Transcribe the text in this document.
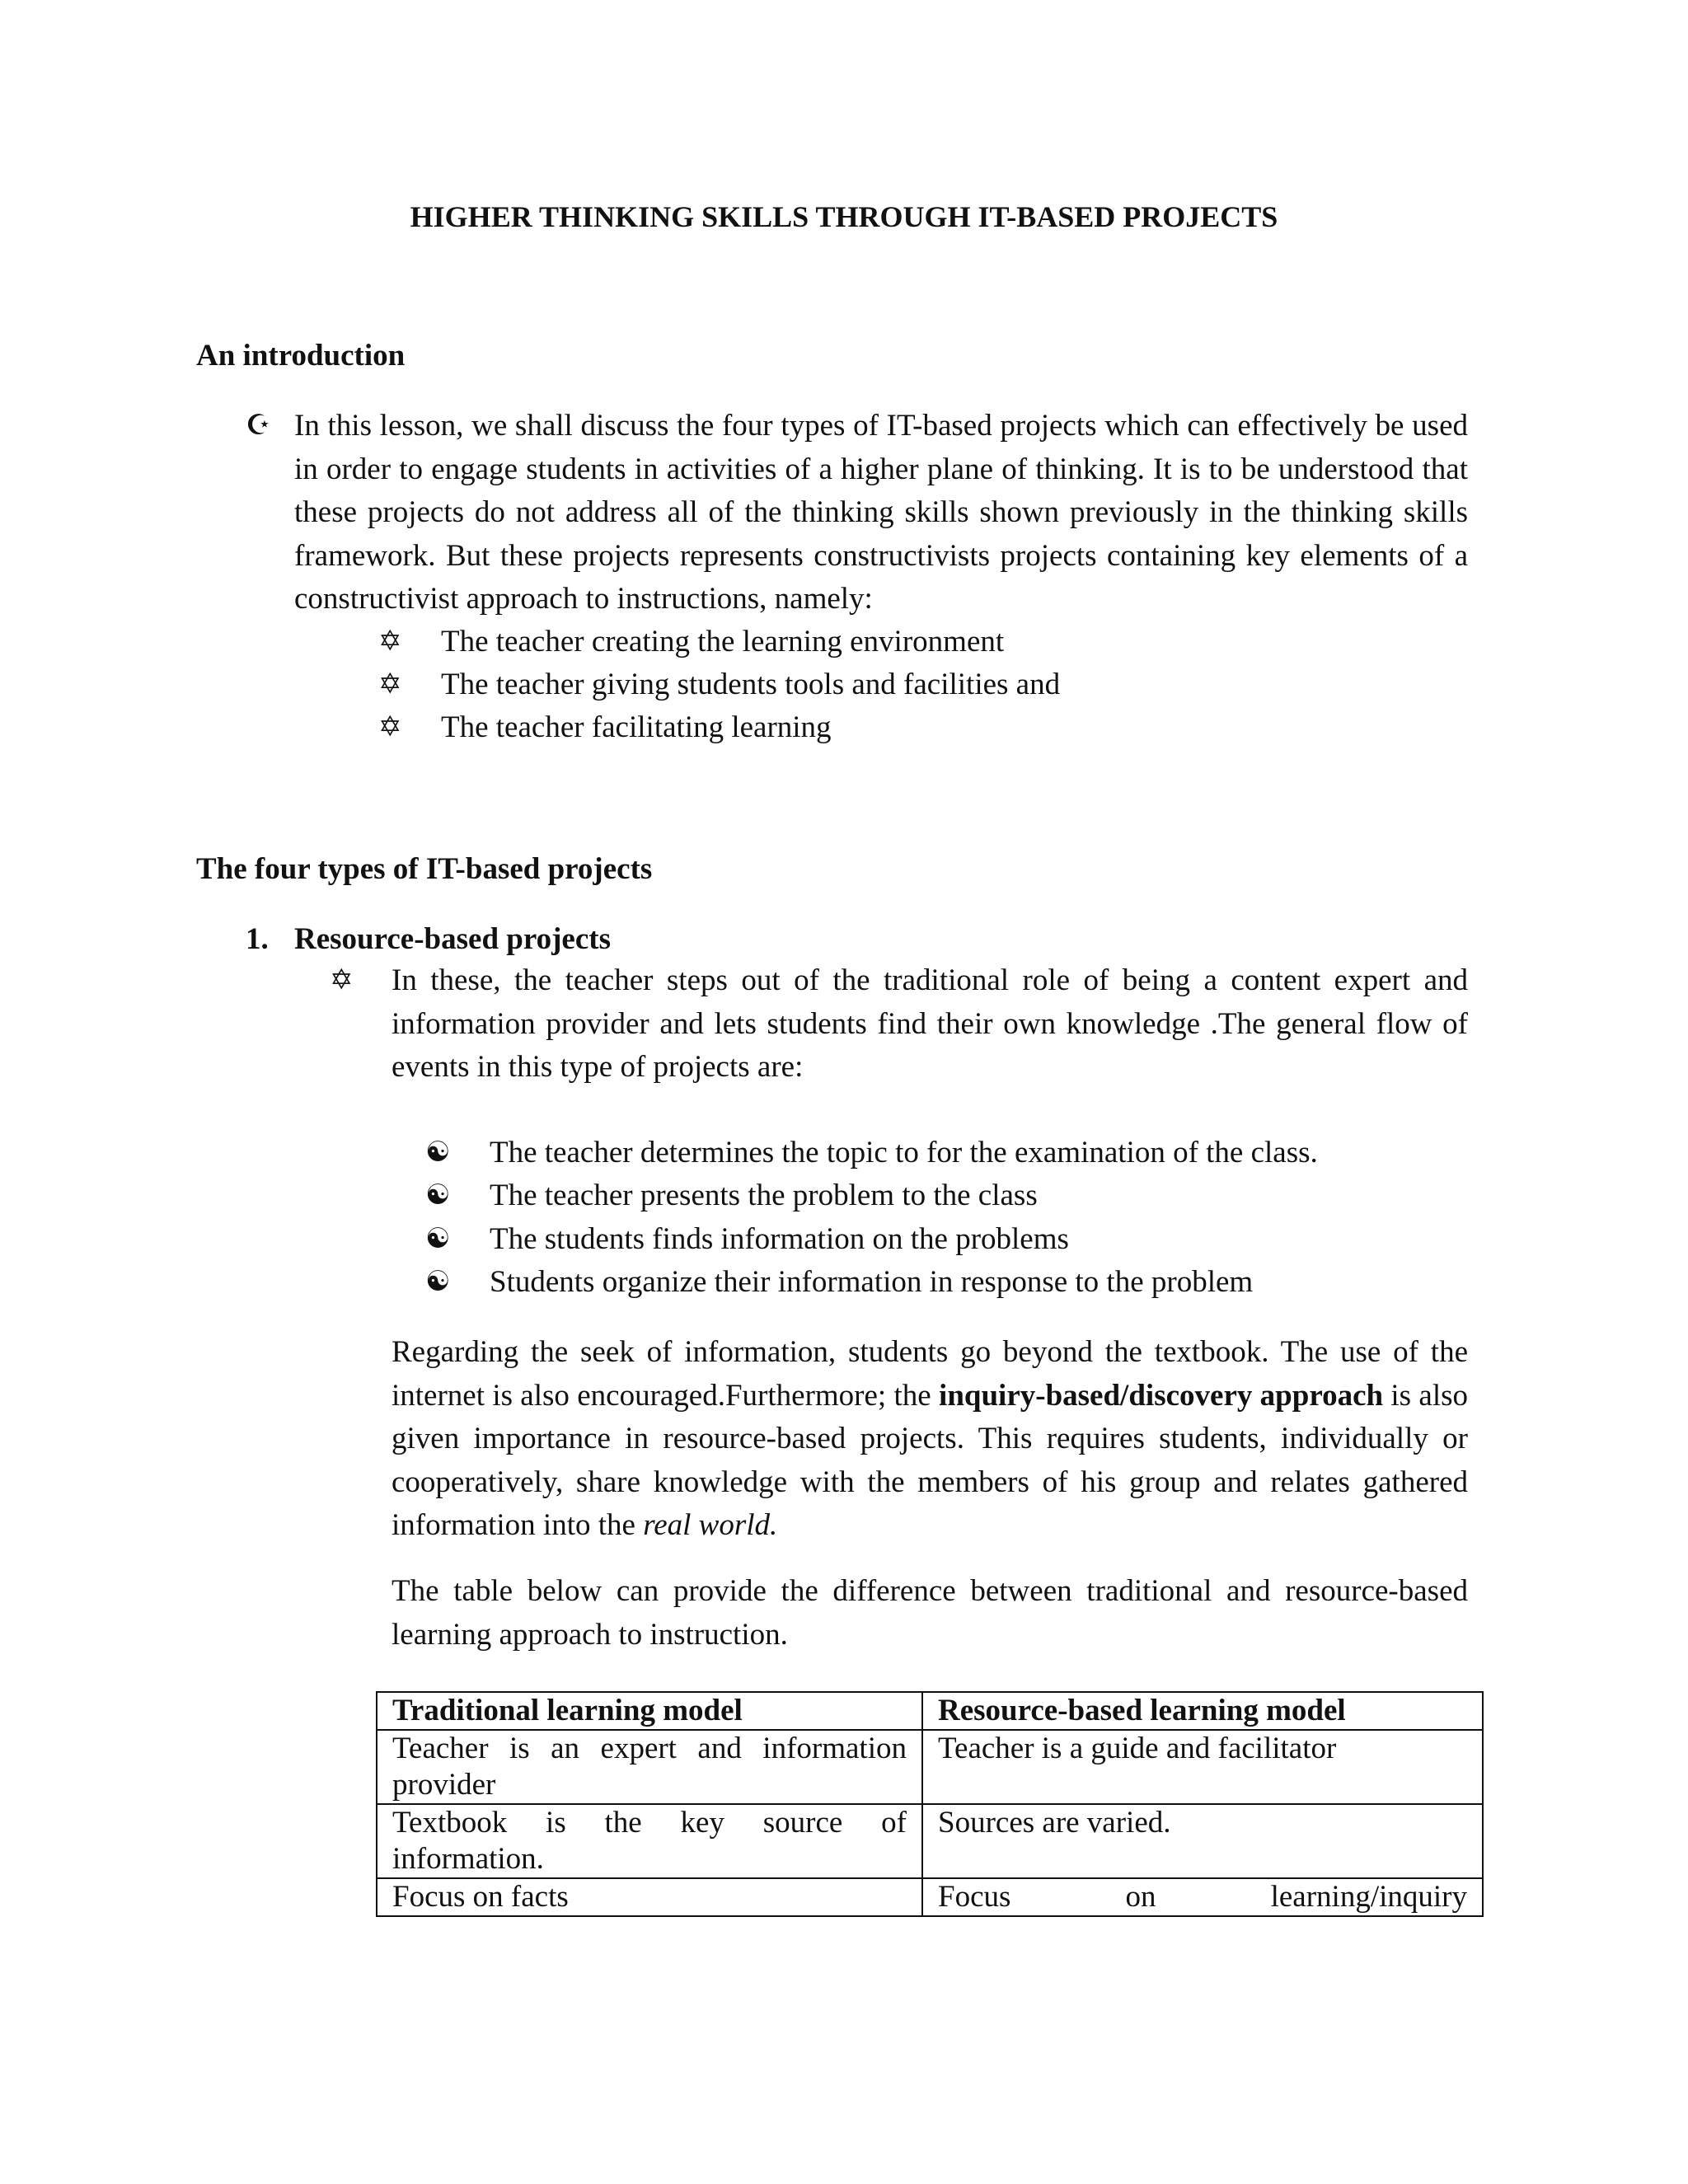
HIGHER THINKING SKILLS THROUGH IT-BASED PROJECTS
An introduction
☪ In this lesson, we shall discuss the four types of IT-based projects which can effectively be used in order to engage students in activities of a higher plane of thinking. It is to be understood that these projects do not address all of the thinking skills shown previously in the thinking skills framework. But these projects represents constructivists projects containing key elements of a constructivist approach to instructions, namely:
✡ The teacher creating the learning environment
✡ The teacher giving students tools and facilities and
✡ The teacher facilitating learning
The four types of IT-based projects
1. Resource-based projects
✡ In these, the teacher steps out of the traditional role of being a content expert and information provider and lets students find their own knowledge .The general flow of events in this type of projects are:
☯ The teacher determines the topic to for the examination of the class.
☯ The teacher presents the problem to the class
☯ The students finds information on the problems
☯ Students organize their information in response to the problem
Regarding the seek of information, students go beyond the textbook. The use of the internet is also encouraged.Furthermore; the inquiry-based/discovery approach is also given importance in resource-based projects. This requires students, individually or cooperatively, share knowledge with the members of his group and relates gathered information into the real world.
The table below can provide the difference between traditional and resource-based learning approach to instruction.
Traditional learning model	Resource-based learning model
Teacher is an expert and information provider	Teacher is a guide and facilitator
Textbook is the key source of information.	Sources are varied.
Focus on facts	Focus on learning/inquiry
